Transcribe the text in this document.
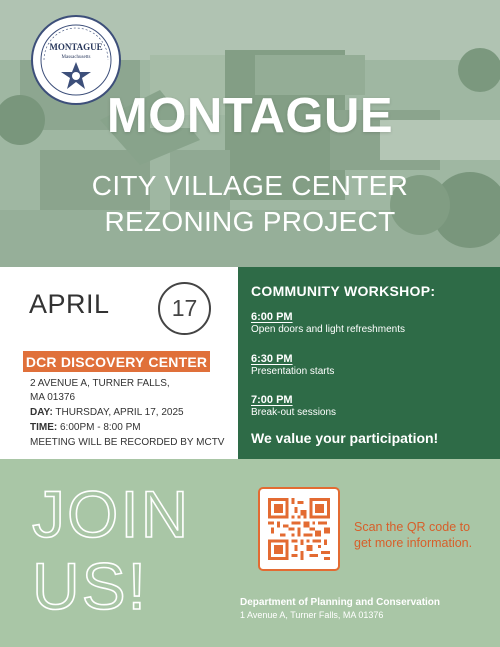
MONTAGUE
Massachusetts
MONTAGUE
CITY VILLAGE CENTER
REZONING PROJECT
APRIL	17
DCR DISCOVERY CENTER
2 AVENUE A, TURNER FALLS,
MA 01376
DAY: THURSDAY, APRIL 17, 2025
TIME: 6:00PM - 8:00 PM
MEETING WILL BE RECORDED BY MCTV
COMMUNITY WORKSHOP:
6:00 PM
Open doors and light refreshments
6:30 PM
Presentation starts
7:00 PM
Break-out sessions
We value your participation!
JOIN
US!
Scan the QR code to get more information.
Department of Planning and Conservation
1 Avenue A, Turner Falls, MA 01376
